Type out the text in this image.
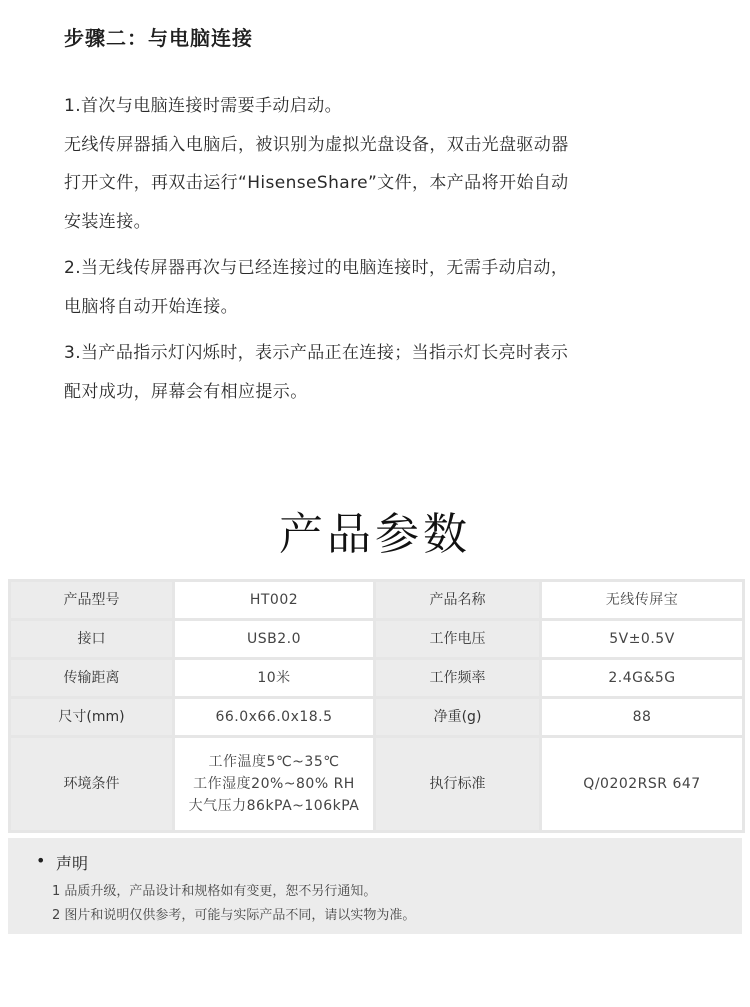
步骤二：与电脑连接
1.首次与电脑连接时需要手动启动。
无线传屏器插入电脑后，被识别为虚拟光盘设备，双击光盘驱动器
打开文件，再双击运行“HisenseShare”文件，本产品将开始自动
安装连接。
2.当无线传屏器再次与已经连接过的电脑连接时，无需手动启动，
电脑将自动开始连接。
3.当产品指示灯闪烁时，表示产品正在连接；当指示灯长亮时表示
配对成功，屏幕会有相应提示。
产品参数
产品型号	HT002	产品名称	无线传屏宝

接口	USB2.0	工作电压	5V±0.5V

传输距离	10米	工作频率	2.4G&5G

尺寸(mm)	66.0x66.0x18.5	净重(g)	88

环境条件	工作温度5℃~35℃
工作湿度20%~80% RH
大气压力86kPA~106kPA	执行标准	Q/0202RSR 647
• 声明
1 品质升级，产品设计和规格如有变更，恕不另行通知。
2 图片和说明仅供参考，可能与实际产品不同，请以实物为准。
